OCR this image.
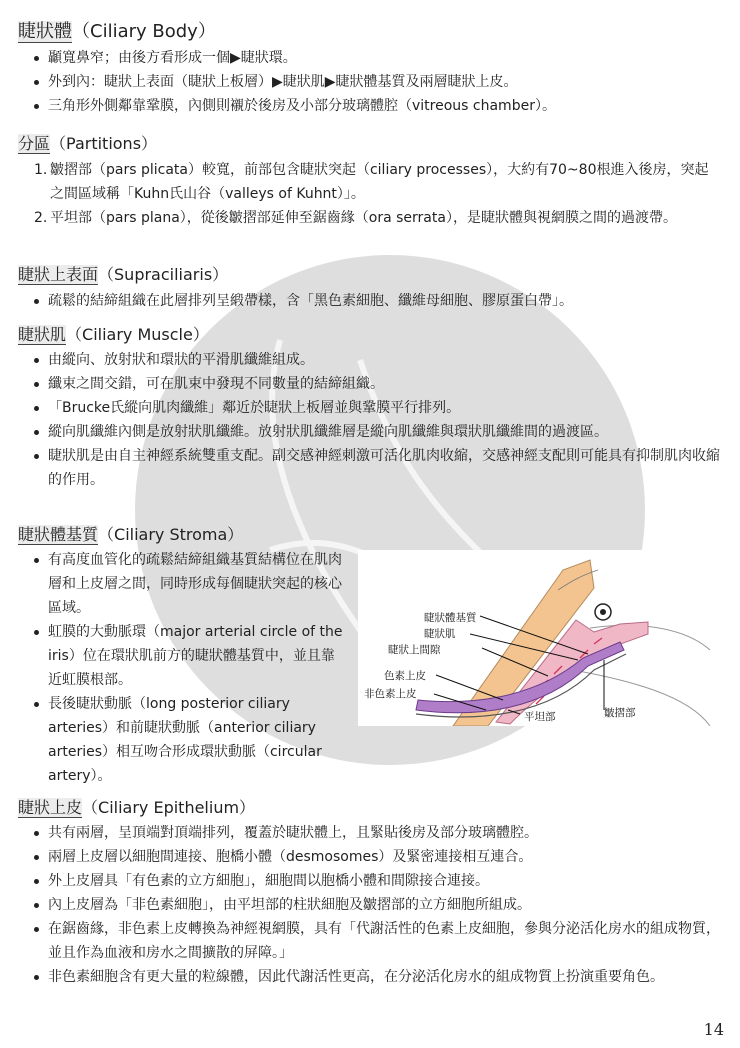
睫狀體（Ciliary Body）
顳寬鼻窄；由後方看形成一個▶睫狀環。
外到內：睫狀上表面（睫狀上板層）▶睫狀肌▶睫狀體基質及兩層睫狀上皮。
三角形外側鄰靠鞏膜，內側則襯於後房及小部分玻璃體腔（vitreous chamber）。
分區（Partitions）
1. 皺摺部（pars plicata）較寬，前部包含睫狀突起（ciliary processes），大約有70~80根進入後房，突起之間區域稱「Kuhn氏山谷（valleys of Kuhnt）」。
2. 平坦部（pars plana），從後皺摺部延伸至鋸齒緣（ora serrata），是睫狀體與視網膜之間的過渡帶。
睫狀上表面（Supraciliaris）
疏鬆的結締組織在此層排列呈緞帶樣，含「黑色素細胞、纖維母細胞、膠原蛋白帶」。
睫狀肌（Ciliary Muscle）
由縱向、放射狀和環狀的平滑肌纖維組成。
纖束之間交錯，可在肌束中發現不同數量的結締組織。
「Brucke氏縱向肌肉纖維」鄰近於睫狀上板層並與鞏膜平行排列。
縱向肌纖維內側是放射狀肌纖維。放射狀肌纖維層是縱向肌纖維與環狀肌纖維間的過渡區。
睫狀肌是由自主神經系統雙重支配。副交感神經刺激可活化肌肉收縮，交感神經支配則可能具有抑制肌肉收縮的作用。
睫狀體基質（Ciliary Stroma）
有高度血管化的疏鬆結締組織基質結構位在肌肉層和上皮層之間，同時形成每個睫狀突起的核心區域。
虹膜的大動脈環（major arterial circle of the iris）位在環狀肌前方的睫狀體基質中，並且靠近虹膜根部。
長後睫狀動脈（long posterior ciliary arteries）和前睫狀動脈（anterior ciliary arteries）相互吻合形成環狀動脈（circular artery）。
睫狀體基質
睫狀肌
睫狀上間隙
色素上皮
非色素上皮
平坦部	皺摺部
睫狀上皮（Ciliary Epithelium）
共有兩層，呈頂端對頂端排列，覆蓋於睫狀體上，且緊貼後房及部分玻璃體腔。
兩層上皮層以細胞間連接、胞橋小體（desmosomes）及緊密連接相互連合。
外上皮層具「有色素的立方細胞」，細胞間以胞橋小體和間隙接合連接。
內上皮層為「非色素細胞」，由平坦部的柱狀細胞及皺摺部的立方細胞所組成。
在鋸齒緣，非色素上皮轉換為神經視網膜，具有「代謝活性的色素上皮細胞，參與分泌活化房水的組成物質，並且作為血液和房水之間擴散的屏障。」
非色素細胞含有更大量的粒線體，因此代謝活性更高，在分泌活化房水的組成物質上扮演重要角色。
14
